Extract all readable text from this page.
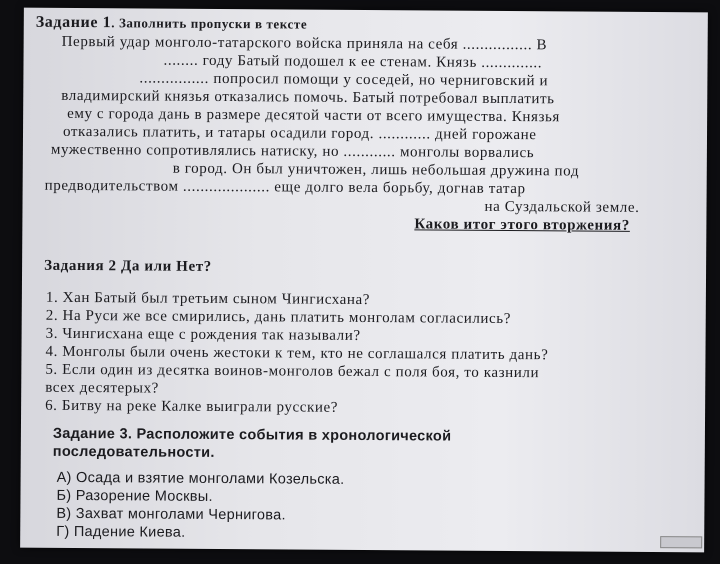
Задание 1. Заполнить пропуски в тексте
Первый удар монголо-татарского войска приняла на себя ................ В
........ году Батый подошел к ее стенам. Князь ..............
................ попросил помощи у соседей, но черниговский и
владимирский князья отказались помочь. Батый потребовал выплатить
ему с города дань в размере десятой части от всего имущества. Князья
отказались платить, и татары осадили город. ............ дней горожане
мужественно сопротивлялись натиску, но ............ монголы ворвались
в город. Он был уничтожен, лишь небольшая дружина под
предводительством .................... еще долго вела борьбу, догнав татар
на Суздальской земле.
Каков итог этого вторжения?
Задания 2 Да или Нет?
1. Хан Батый был третьим сыном Чингисхана?
2. На Руси же все смирились, дань платить монголам согласились?
3. Чингисхана еще с рождения так называли?
4. Монголы были очень жестоки к тем, кто не соглашался платить дань?
5. Если один из десятка воинов-монголов бежал с поля боя, то казнили
всех десятерых?
6. Битву на реке Калке выиграли русские?
Задание 3. Расположите события в хронологической
последовательности.
А) Осада и взятие монголами Козельска.
Б) Разорение Москвы.
В) Захват монголами Чернигова.
Г) Падение Киева.
